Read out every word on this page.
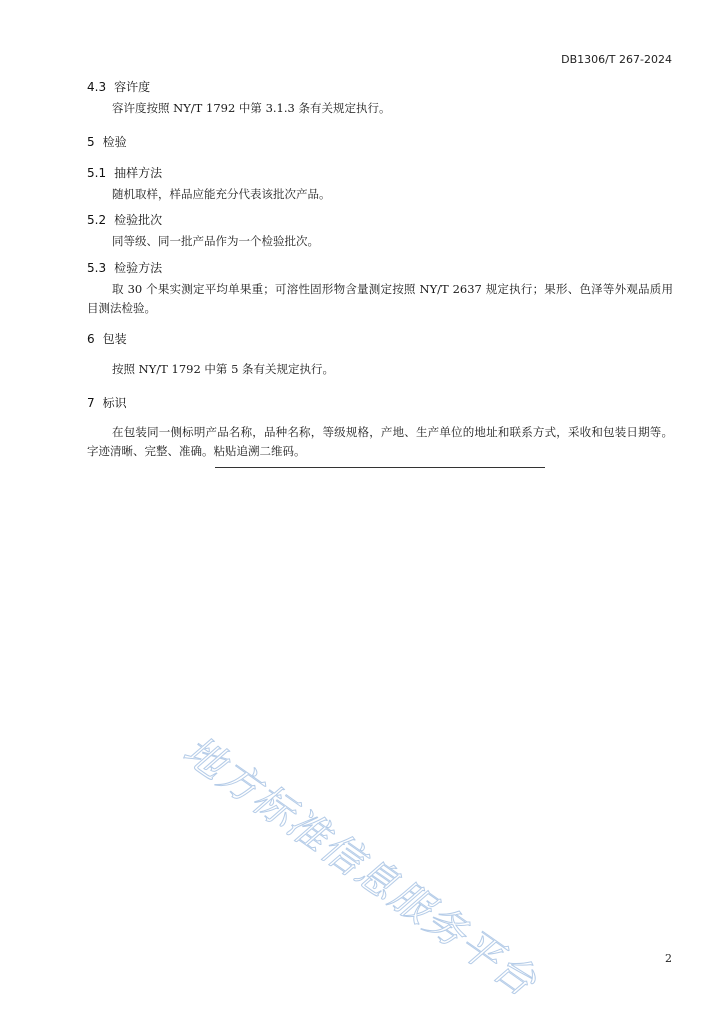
DB1306/T 267-2024
4.3 容许度
容许度按照 NY/T 1792 中第 3.1.3 条有关规定执行。
5 检验
5.1 抽样方法
随机取样，样品应能充分代表该批次产品。
5.2 检验批次
同等级、同一批产品作为一个检验批次。
5.3 检验方法
取 30 个果实测定平均单果重；可溶性固形物含量测定按照 NY/T 2637 规定执行；果形、色泽等外观品质用目测法检验。
6 包装
按照 NY/T 1792 中第 5 条有关规定执行。
7 标识
在包装同一侧标明产品名称，品种名称，等级规格，产地、生产单位的地址和联系方式，采收和包装日期等。字迹清晰、完整、准确。粘贴追溯二维码。
地方标准信息服务平台	2
